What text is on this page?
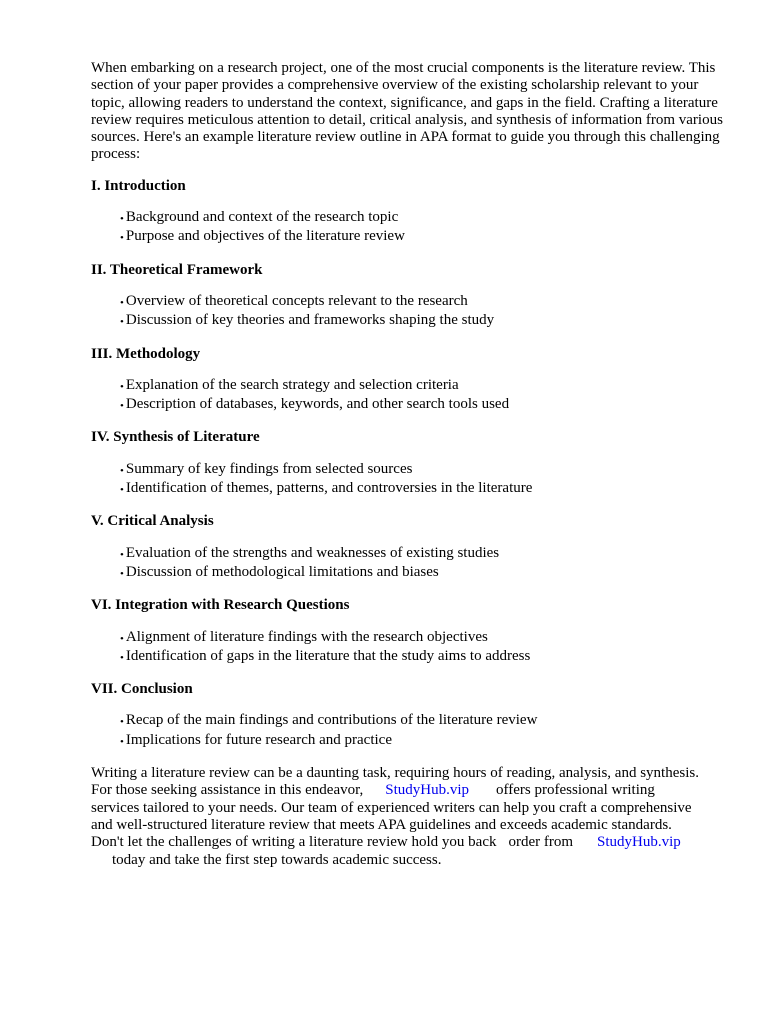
When embarking on a research project, one of the most crucial components is the literature review. This section of your paper provides a comprehensive overview of the existing scholarship relevant to your topic, allowing readers to understand the context, significance, and gaps in the field. Crafting a literature review requires meticulous attention to detail, critical analysis, and synthesis of information from various sources. Here's an example literature review outline in APA format to guide you through this challenging process:

I. Introduction
• Background and context of the research topic
• Purpose and objectives of the literature review
II. Theoretical Framework
• Overview of theoretical concepts relevant to the research
• Discussion of key theories and frameworks shaping the study
III. Methodology
• Explanation of the search strategy and selection criteria
• Description of databases, keywords, and other search tools used
IV. Synthesis of Literature
• Summary of key findings from selected sources
• Identification of themes, patterns, and controversies in the literature
V. Critical Analysis
• Evaluation of the strengths and weaknesses of existing studies
• Discussion of methodological limitations and biases
VI. Integration with Research Questions
• Alignment of literature findings with the research objectives
• Identification of gaps in the literature that the study aims to address
VII. Conclusion
• Recap of the main findings and contributions of the literature review
• Implications for future research and practice
Writing a literature review can be a daunting task, requiring hours of reading, analysis, and synthesis.
For those seeking assistance in this endeavor, StudyHub.vip offers professional writing
services tailored to your needs. Our team of experienced writers can help you craft a comprehensive
and well-structured literature review that meets APA guidelines and exceeds academic standards.
Don't let the challenges of writing a literature review hold you back order from StudyHub.vip
today and take the first step towards academic success.
